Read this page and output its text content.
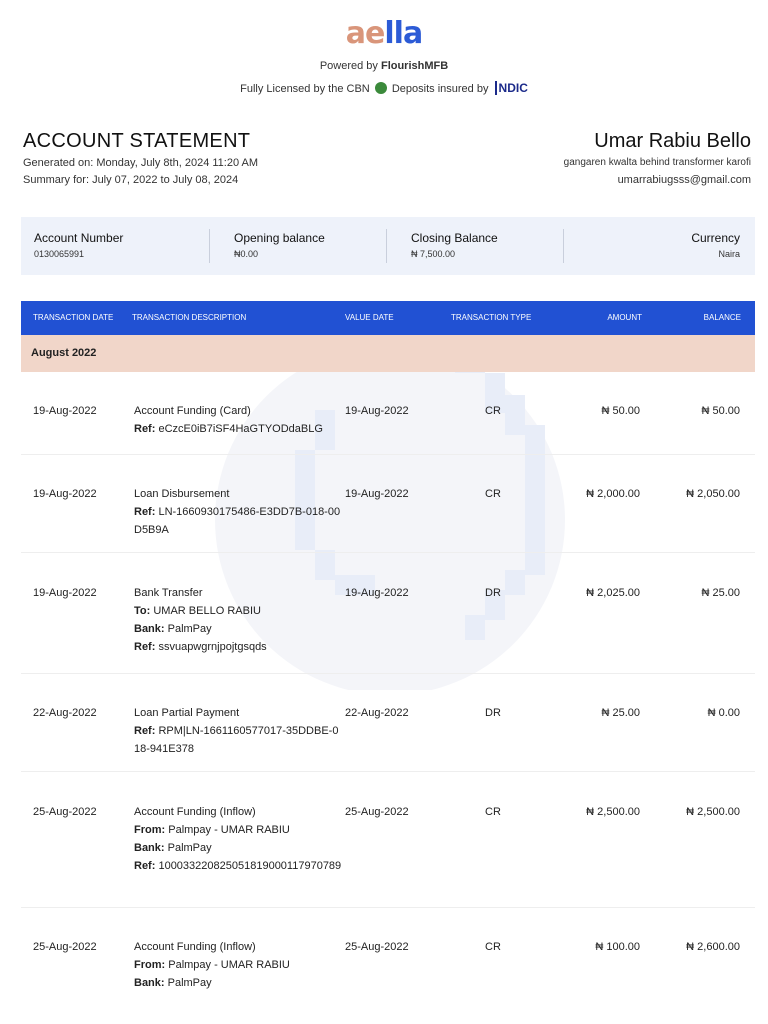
aella
Powered by FlourishMFB
Fully Licensed by the CBN Deposits insured by NDIC
ACCOUNT STATEMENT
Generated on: Monday, July 8th, 2024 11:20 AM
Summary for: July 07, 2022 to July 08, 2024
Umar Rabiu Bello
gangaren kwalta behind transformer karofi
umarrabiugsss@gmail.com
Account Number
0130065991
Opening balance
₦0.00
Closing Balance
₦ 7,500.00
Currency
Naira
TRANSACTION DATE TRANSACTION DESCRIPTION	VALUE DATE	TRANSACTION TYPE	AMOUNT	BALANCE
August 2022
19-Aug-2022	Account Funding (Card)
Ref: eCzcE0iB7iSF4HaGTYODdaBLG
19-Aug-2022	CR	₦ 50.00	₦ 50.00
19-Aug-2022	Loan Disbursement
Ref: LN-1660930175486-E3DD7B-018-00D5B9A
19-Aug-2022	CR	₦ 2,000.00	₦ 2,050.00
19-Aug-2022	Bank Transfer
To: UMAR BELLO RABIU
Bank: PalmPay
Ref: ssvuapwgrnjpojtgsqds
19-Aug-2022	DR	₦ 2,025.00	₦ 25.00
22-Aug-2022	Loan Partial Payment
Ref: RPM|LN-1661160577017-35DDBE-018-941E378
22-Aug-2022	DR	₦ 25.00	₦ 0.00
25-Aug-2022	Account Funding (Inflow)
From: Palmpay - UMAR RABIU
Bank: PalmPay
Ref: 100033220825051819000117970789
25-Aug-2022	CR	₦ 2,500.00	₦ 2,500.00
25-Aug-2022	Account Funding (Inflow)
From: Palmpay - UMAR RABIU
Bank: PalmPay
25-Aug-2022	CR	₦ 100.00	₦ 2,600.00
